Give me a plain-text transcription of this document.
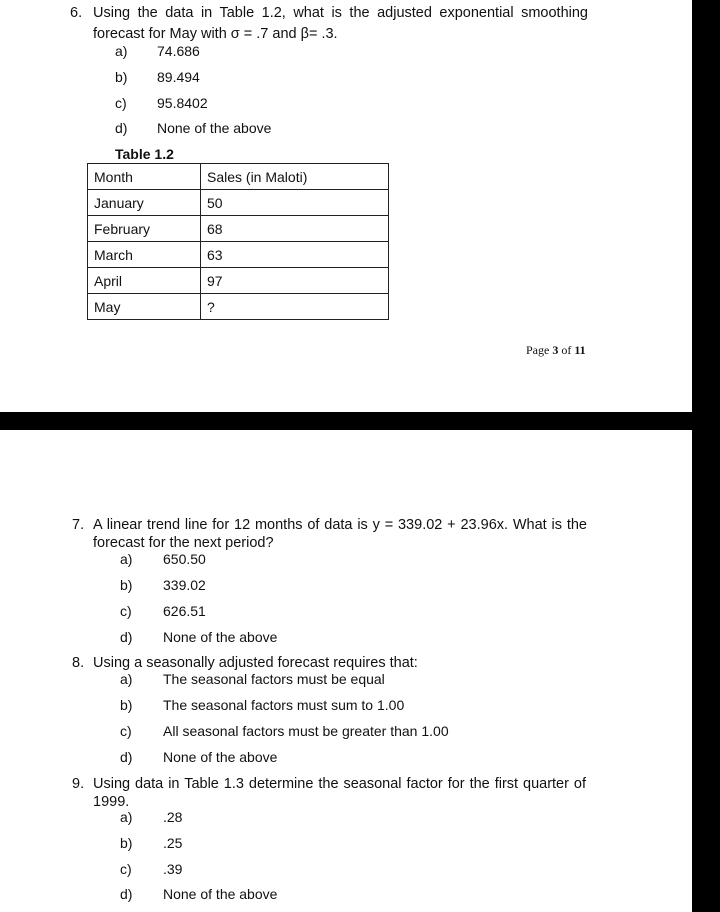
6. Using the data in Table 1.2, what is the adjusted exponential smoothing
forecast for May with σ = .7 and β= .3.
a) 74.686
b) 89.494
c) 95.8402
d) None of the above
Table 1.2
Month	Sales (in Maloti)
January	50
February	68
March	63
April	97
May	?
Page 3 of 11
7. A linear trend line for 12 months of data is y = 339.02 + 23.96x. What is the
forecast for the next period?
a) 650.50
b) 339.02
c) 626.51
d) None of the above
8. Using a seasonally adjusted forecast requires that:
a) The seasonal factors must be equal
b) The seasonal factors must sum to 1.00
c) All seasonal factors must be greater than 1.00
d) None of the above
9. Using data in Table 1.3 determine the seasonal factor for the first quarter of
1999.
a) .28
b) .25
c) .39
d) None of the above
